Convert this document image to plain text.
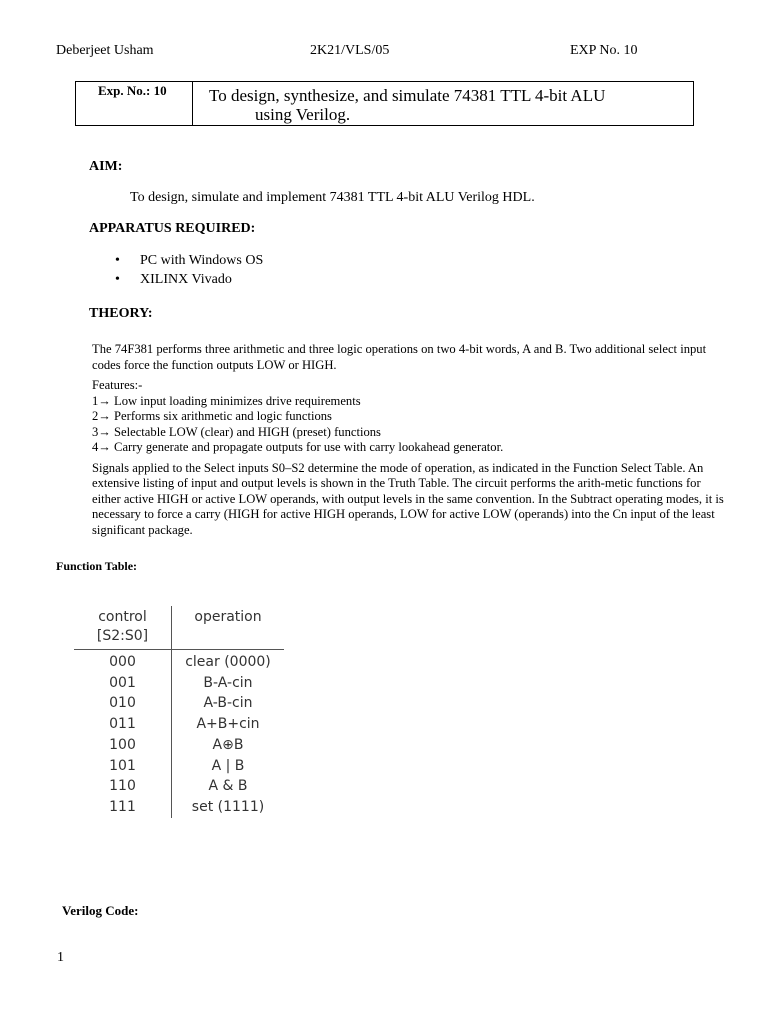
Deberjeet Usham	2K21/VLS/05	EXP No. 10
Exp. No.: 10 To design, synthesize, and simulate 74381 TTL 4-bit ALU
using Verilog.
AIM:
To design, simulate and implement 74381 TTL 4-bit ALU Verilog HDL.
APPARATUS REQUIRED:
• PC with Windows OS
• XILINX Vivado
THEORY:

The 74F381 performs three arithmetic and three logic operations on two 4-bit words, A and B. Two additional select input codes force the function outputs LOW or HIGH.

Features:-

1→ Low input loading minimizes drive requirements

2→ Performs six arithmetic and logic functions

3→ Selectable LOW (clear) and HIGH (preset) functions

4→ Carry generate and propagate outputs for use with carry lookahead generator.

Signals applied to the Select inputs S0–S2 determine the mode of operation, as indicated in the Function Select Table. An extensive listing of input and output levels is shown in the Truth Table. The circuit performs the arith-metic functions for either active HIGH or active LOW operands, with output levels in the same convention. In the Subtract operating modes, it is necessary to force a carry (HIGH for active HIGH operands, LOW for active LOW (operands) into the Cn input of the least significant package.

Function Table:
control
[S2:S0]	operation
000	clear (0000)
001	B-A-cin
010	A-B-cin
011	A+B+cin
100	A⊕B
101	A | B
110	A & B
111	set (1111)
Verilog Code:
1
